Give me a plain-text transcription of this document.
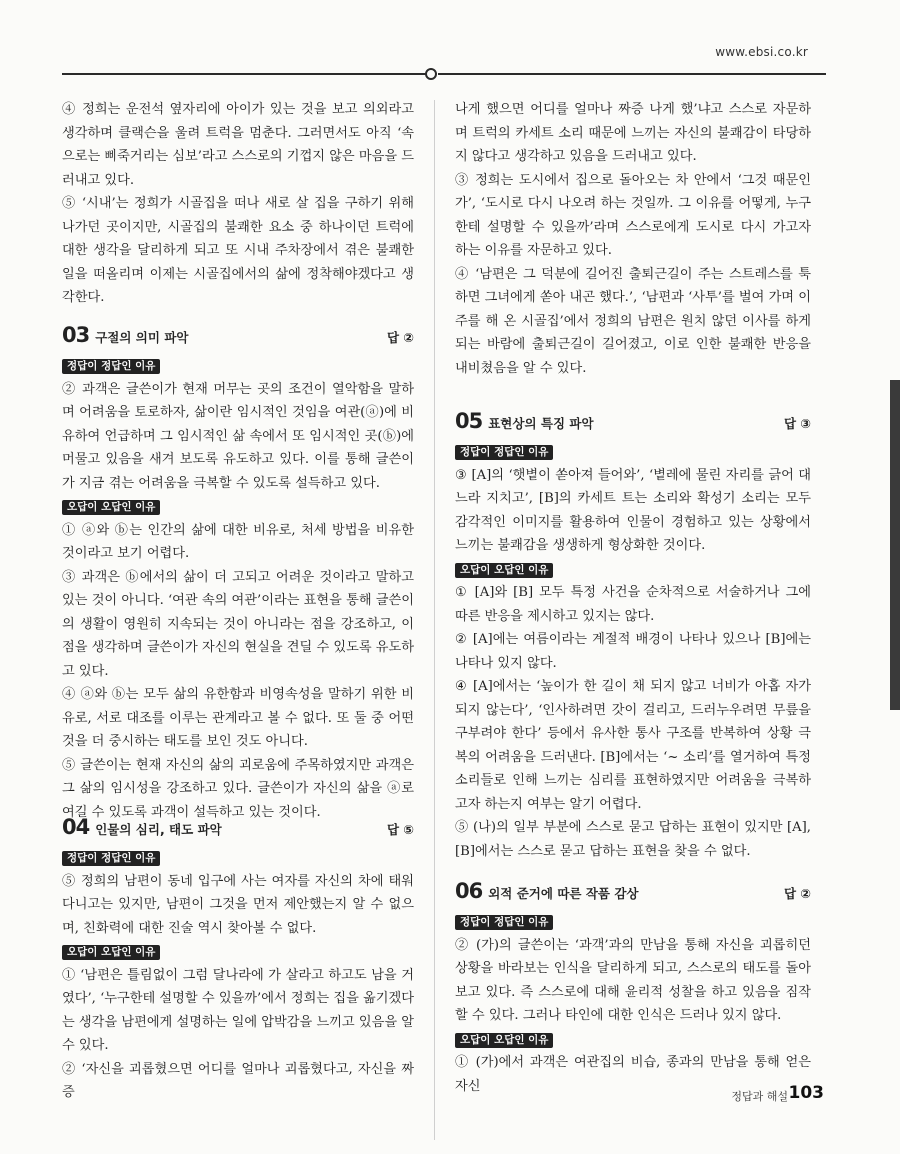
www.ebsi.co.kr

④ 정희는 운전석 옆자리에 아이가 있는 것을 보고 의외라고 생각하며 클랙슨을 울려 트럭을 멈춘다. 그러면서도 아직 ‘속으로는 삐죽거리는 심보’라고 스스로의 기껍지 않은 마음을 드러내고 있다.

⑤ ‘시내’는 정희가 시골집을 떠나 새로 살 집을 구하기 위해 나가던 곳이지만, 시골집의 불쾌한 요소 중 하나이던 트럭에 대한 생각을 달리하게 되고 또 시내 주차장에서 겪은 불쾌한 일을 떠올리며 이제는 시골집에서의 삶에 정착해야겠다고 생각한다.

03 구절의 의미 파악	답 ②
정답이 정답인 이유

② 과객은 글쓴이가 현재 머무는 곳의 조건이 열악함을 말하며 어려움을 토로하자, 삶이란 임시적인 것임을 여관(ⓐ)에 비유하여 언급하며 그 임시적인 삶 속에서 또 임시적인 곳(ⓑ)에 머물고 있음을 새겨 보도록 유도하고 있다. 이를 통해 글쓴이가 지금 겪는 어려움을 극복할 수 있도록 설득하고 있다.

오답이 오답인 이유

① ⓐ와 ⓑ는 인간의 삶에 대한 비유로, 처세 방법을 비유한 것이라고 보기 어렵다.

③ 과객은 ⓑ에서의 삶이 더 고되고 어려운 것이라고 말하고 있는 것이 아니다. ‘여관 속의 여관’이라는 표현을 통해 글쓴이의 생활이 영원히 지속되는 것이 아니라는 점을 강조하고, 이 점을 생각하며 글쓴이가 자신의 현실을 견딜 수 있도록 유도하고 있다.

④ ⓐ와 ⓑ는 모두 삶의 유한함과 비영속성을 말하기 위한 비유로, 서로 대조를 이루는 관계라고 볼 수 없다. 또 둘 중 어떤 것을 더 중시하는 태도를 보인 것도 아니다.

⑤ 글쓴이는 현재 자신의 삶의 괴로움에 주목하였지만 과객은 그 삶의 임시성을 강조하고 있다. 글쓴이가 자신의 삶을 ⓐ로 여길 수 있도록 과객이 설득하고 있는 것이다.

04 인물의 심리, 태도 파악	답 ⑤
정답이 정답인 이유

⑤ 정희의 남편이 동네 입구에 사는 여자를 자신의 차에 태워 다니고는 있지만, 남편이 그것을 먼저 제안했는지 알 수 없으며, 친화력에 대한 진술 역시 찾아볼 수 없다.

오답이 오답인 이유

① ‘남편은 틀림없이 그럼 달나라에 가 살라고 하고도 남을 거였다’, ‘누구한테 설명할 수 있을까’에서 정희는 집을 옮기겠다는 생각을 남편에게 설명하는 일에 압박감을 느끼고 있음을 알 수 있다.

② ‘자신을 괴롭혔으면 어디를 얼마나 괴롭혔다고, 자신을 짜증

나게 했으면 어디를 얼마나 짜증 나게 했’냐고 스스로 자문하며 트럭의 카세트 소리 때문에 느끼는 자신의 불쾌감이 타당하지 않다고 생각하고 있음을 드러내고 있다.

③ 정희는 도시에서 집으로 돌아오는 차 안에서 ‘그것 때문인가’, ‘도시로 다시 나오려 하는 것일까. 그 이유를 어떻게, 누구한테 설명할 수 있을까’라며 스스로에게 도시로 다시 가고자 하는 이유를 자문하고 있다.

④ ‘남편은 그 덕분에 길어진 출퇴근길이 주는 스트레스를 툭하면 그녀에게 쏟아 내곤 했다.’, ‘남편과 ‘사투’를 벌여 가며 이주를 해 온 시골집’에서 정희의 남편은 원치 않던 이사를 하게 되는 바람에 출퇴근길이 길어졌고, 이로 인한 불쾌한 반응을 내비쳤음을 알 수 있다.

05 표현상의 특징 파악	답 ③
정답이 정답인 이유

③ [A]의 ‘햇볕이 쏟아져 들어와’, ‘볕레에 물린 자리를 긁어 대느라 지치고’, [B]의 카세트 트는 소리와 확성기 소리는 모두 감각적인 이미지를 활용하여 인물이 경험하고 있는 상황에서 느끼는 불쾌감을 생생하게 형상화한 것이다.

오답이 오답인 이유

① [A]와 [B] 모두 특정 사건을 순차적으로 서술하거나 그에 따른 반응을 제시하고 있지는 않다.

② [A]에는 여름이라는 계절적 배경이 나타나 있으나 [B]에는 나타나 있지 않다.

④ [A]에서는 ‘높이가 한 길이 채 되지 않고 너비가 아홉 자가 되지 않는다’, ‘인사하려면 갓이 걸리고, 드러누우려면 무릎을 구부려야 한다’ 등에서 유사한 통사 구조를 반복하여 상황 극복의 어려움을 드러낸다. [B]에서는 ‘~ 소리’를 열거하여 특정 소리들로 인해 느끼는 심리를 표현하였지만 어려움을 극복하고자 하는지 여부는 알기 어렵다.

⑤ (나)의 일부 부분에 스스로 묻고 답하는 표현이 있지만 [A], [B]에서는 스스로 묻고 답하는 표현을 찾을 수 없다.

06 외적 준거에 따른 작품 감상	답 ②
정답이 정답인 이유

② (가)의 글쓴이는 ‘과객’과의 만남을 통해 자신을 괴롭히던 상황을 바라보는 인식을 달리하게 되고, 스스로의 태도를 돌아보고 있다. 즉 스스로에 대해 윤리적 성찰을 하고 있음을 짐작할 수 있다. 그러나 타인에 대한 인식은 드러나 있지 않다.

오답이 오답인 이유

① (가)에서 과객은 여관집의 비습, 종과의 만남을 통해 얻은 자신

정답과 해설 103
